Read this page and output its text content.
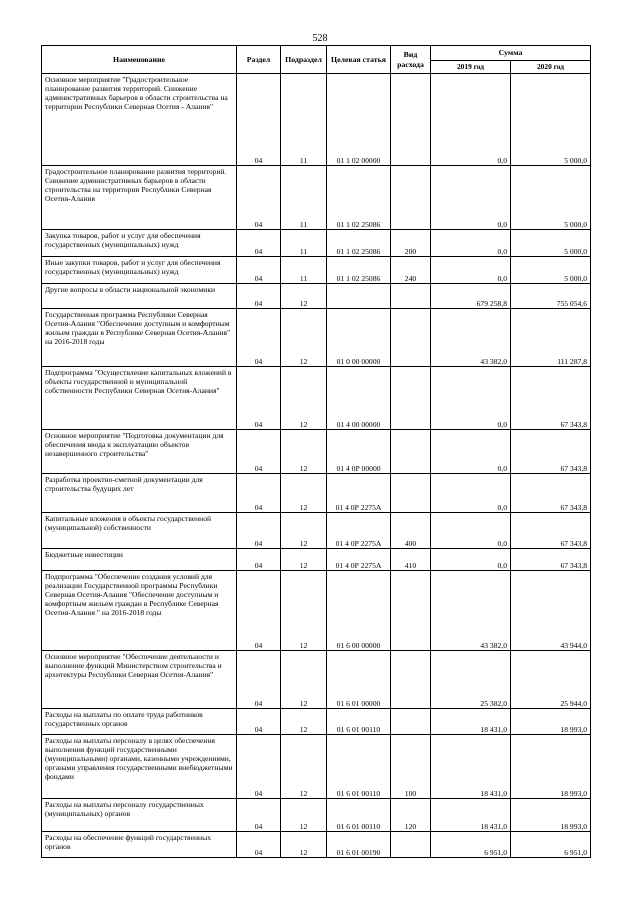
528
Наименование	Раздел	Подраздел	Целевая статья	Вид расхода	Сумма	
					2019 год	2020 год
Основное мероприятие "Градостроительное планирование развития территорий. Снижение административных барьеров в области строительства на территории Республики Северная Осетия - Алания"	04	11	01 1 02 00000		0,0	5 000,0
Градостроительное планирование развития территорий. Снижение административных барьеров в области строительства на территории Республики Северная Осетия-Алания	04	11	01 1 02 25086		0,0	5 000,0
Закупка товаров, работ и услуг для обеспечения государственных (муниципальных) нужд	04	11	01 1 02 25086	200	0,0	5 000,0
Иные закупки товаров, работ и услуг для обеспечения государственных (муниципальных) нужд	04	11	01 1 02 25086	240	0,0	5 000,0
Другие вопросы в области национальной экономики	04	12			679 258,8	755 054,6
Государственная программа Республики Северная Осетия-Алания "Обеспечение доступным и комфортным жильем граждан в Республике Северная Осетия-Алания" на 2016-2018 годы	04	12	01 0 00 00000		43 382,0	111 287,8
Подпрограмма "Осуществление капитальных вложений в объекты государственной и муниципальной собственности Республики Северная Осетия-Алания"	04	12	01 4 00 00000		0,0	67 343,8
Основное мероприятие "Подготовка документации для обеспечения ввода в эксплуатацию объектов незавершенного строительства"	04	12	01 4 0Р 00000		0,0	67 343,8
Разработка проектно-сметной документации для строительства будущих лет	04	12	01 4 0Р 2275А		0,0	67 343,8
Капитальные вложения в объекты государственной (муниципальной) собственности	04	12	01 4 0Р 2275А	400	0,0	67 343,8
Бюджетные инвестиции	04	12	01 4 0Р 2275А	410	0,0	67 343,8
Подпрограмма "Обеспечение создания условий для реализации Государственной программы Республики Северная Осетия-Алания "Обеспечение доступным и комфортным жильем граждан в Республике Северная Осетия-Алания " на 2016-2018 годы	04	12	01 6 00 00000		43 382,0	43 944,0
Основное мероприятие "Обеспечение деятельности и выполнение функций Министерством строительства и архитектуры Республики Северная Осетия-Алания"	04	12	01 6 01 00000		25 382,0	25 944,0
Расходы на выплаты по оплате труда работников государственных органов	04	12	01 6 01 00110		18 431,0	18 993,0
Расходы на выплаты персоналу в целях обеспечения выполнения функций государственными (муниципальными) органами, казенными учреждениями, органами управления государственными внебюджетными фондами	04	12	01 6 01 00110	100	18 431,0	18 993,0
Расходы на выплаты персоналу государственных (муниципальных) органов	04	12	01 6 01 00110	120	18 431,0	18 993,0
Расходы на обеспечение функций государственных органов	04	12	01 6 01 00190		6 951,0	6 951,0
